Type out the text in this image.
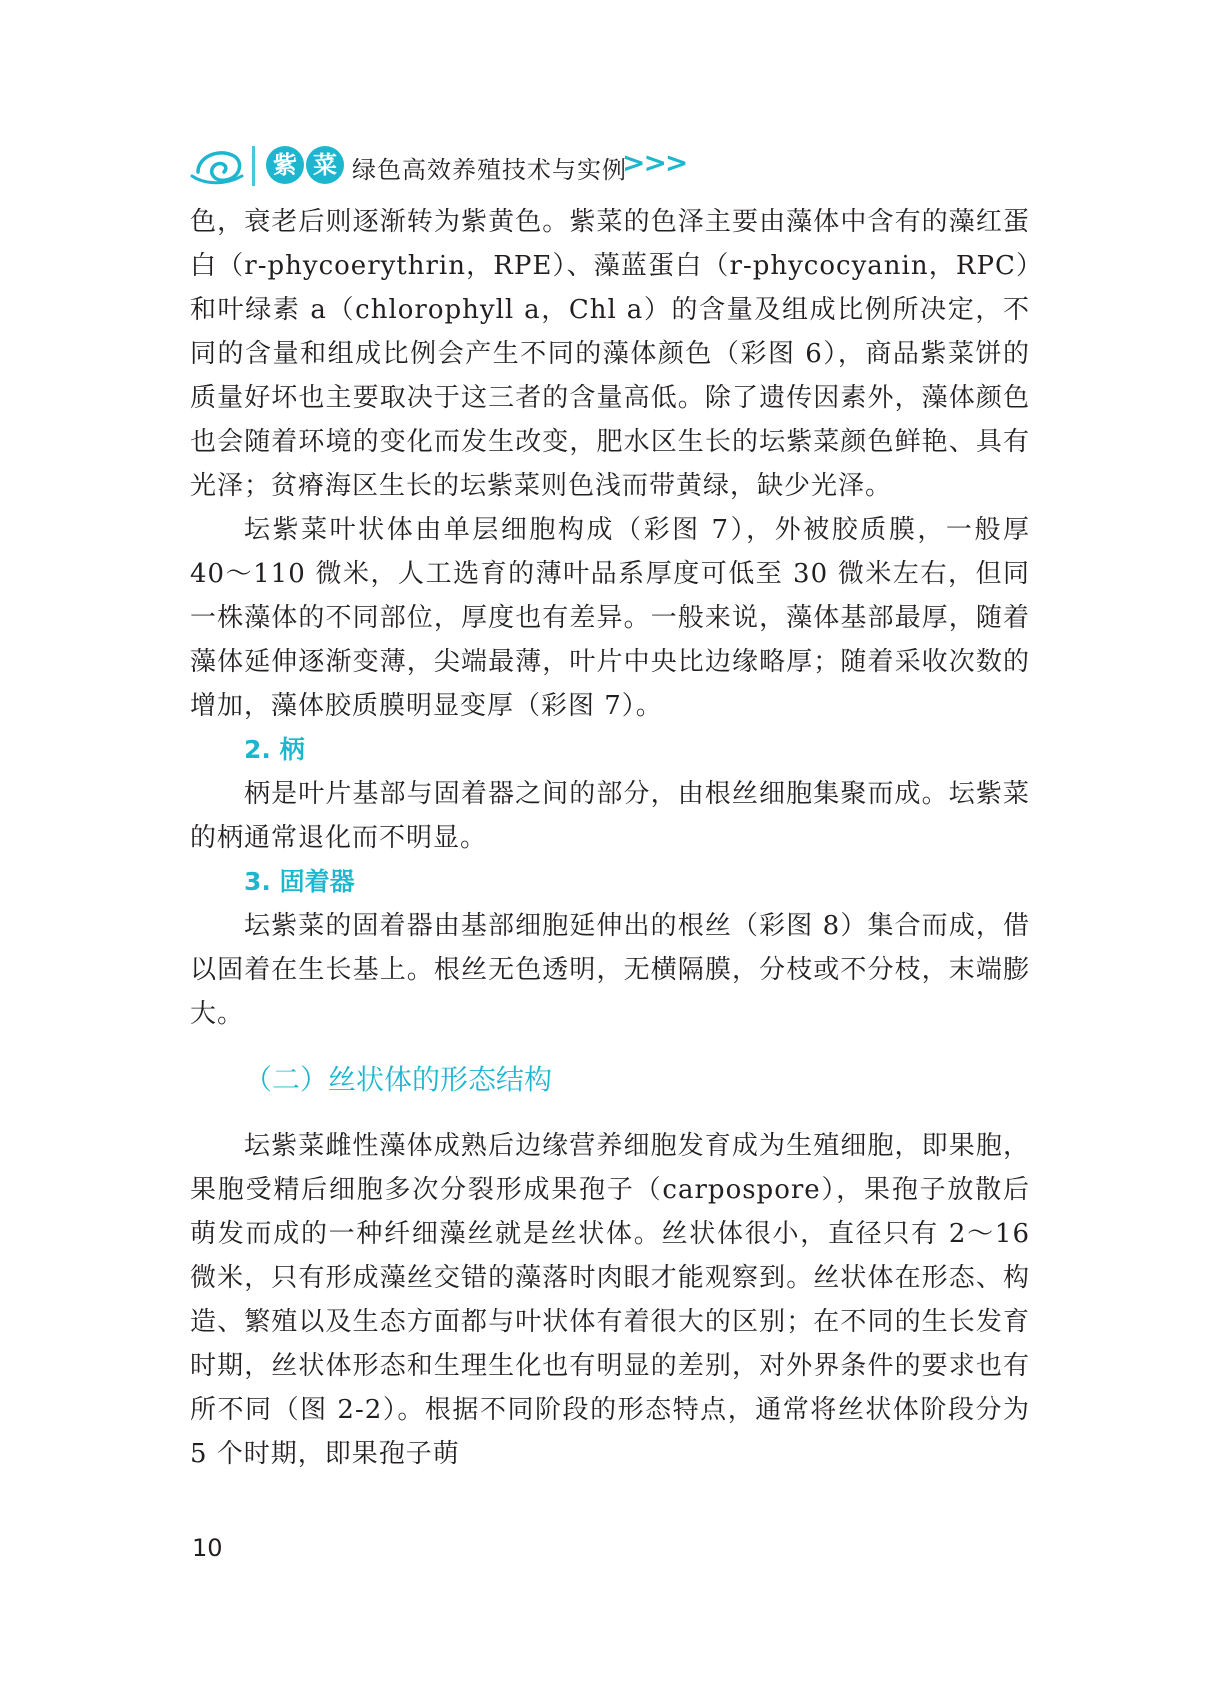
紫 菜 绿色高效养殖技术与实例
>>>

色，衰老后则逐渐转为紫黄色。紫菜的色泽主要由藻体中含有的藻红蛋白（r-phycoerythrin，RPE）、藻蓝蛋白（r-phycocyanin，RPC）和叶绿素 a（chlorophyll a，Chl a）的含量及组成比例所决定，不同的含量和组成比例会产生不同的藻体颜色（彩图 6），商品紫菜饼的质量好坏也主要取决于这三者的含量高低。除了遗传因素外，藻体颜色也会随着环境的变化而发生改变，肥水区生长的坛紫菜颜色鲜艳、具有光泽；贫瘠海区生长的坛紫菜则色浅而带黄绿，缺少光泽。

坛紫菜叶状体由单层细胞构成（彩图 7），外被胶质膜，一般厚 40～110 微米，人工选育的薄叶品系厚度可低至 30 微米左右，但同一株藻体的不同部位，厚度也有差异。一般来说，藻体基部最厚，随着藻体延伸逐渐变薄，尖端最薄，叶片中央比边缘略厚；随着采收次数的增加，藻体胶质膜明显变厚（彩图 7）。

2. 柄

柄是叶片基部与固着器之间的部分，由根丝细胞集聚而成。坛紫菜的柄通常退化而不明显。

3. 固着器

坛紫菜的固着器由基部细胞延伸出的根丝（彩图 8）集合而成，借以固着在生长基上。根丝无色透明，无横隔膜，分枝或不分枝，末端膨大。

（二）丝状体的形态结构

坛紫菜雌性藻体成熟后边缘营养细胞发育成为生殖细胞，即果胞，果胞受精后细胞多次分裂形成果孢子（carpospore），果孢子放散后萌发而成的一种纤细藻丝就是丝状体。丝状体很小，直径只有 2～16 微米，只有形成藻丝交错的藻落时肉眼才能观察到。丝状体在形态、构造、繁殖以及生态方面都与叶状体有着很大的区别；在不同的生长发育时期，丝状体形态和生理生化也有明显的差别，对外界条件的要求也有所不同（图 2-2）。根据不同阶段的形态特点，通常将丝状体阶段分为 5 个时期，即果孢子萌

10
